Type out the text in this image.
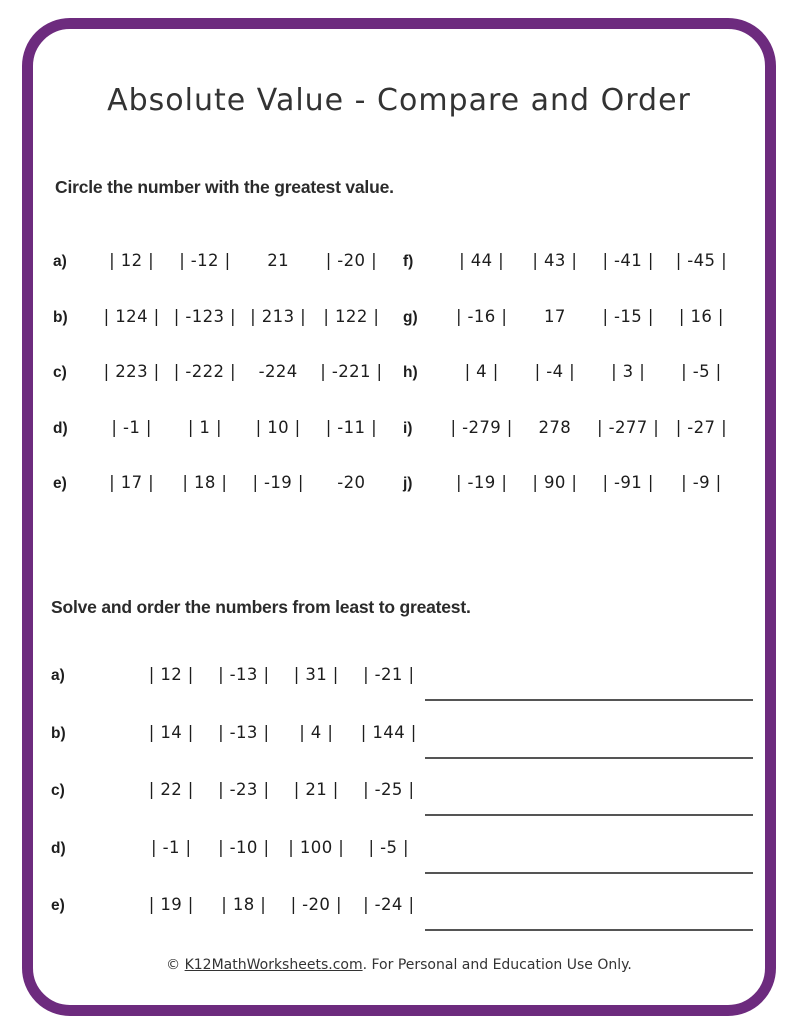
Absolute Value - Compare and Order
Circle the number with the greatest value.
a)	| 12 |	| -12 |	21	| -20 |
b)	| 124 | | -123 | | 213 |	| 122 |
c)	| 223 | | -222 |	-224	| -221 |
d)	| -1 |	| 1 |	| 10 |	| -11 |
e)	| 17 |	| 18 |	| -19 |	-20
f)	| 44 |	| 43 |	| -41 |	| -45 |
g)	| -16 |	17	| -15 |	| 16 |
h)	| 4 |	| -4 |	| 3 |	| -5 |
i)	| -279 |	278	| -277 | | -27 |
j)	| -19 |	| 90 |	| -91 |	| -9 |
Solve and order the numbers from least to greatest.
a)	| 12 |	| -13 |	| 31 |	| -21 |
b)	| 14 |	| -13 |	| 4 |	| 144 |
c)	| 22 |	| -23 |	| 21 |	| -25 |
d)	| -1 |	| -10 |	| 100 |	| -5 |
e)	| 19 |	| 18 |	| -20 |	| -24 |
© K12MathWorksheets.com. For Personal and Education Use Only.
